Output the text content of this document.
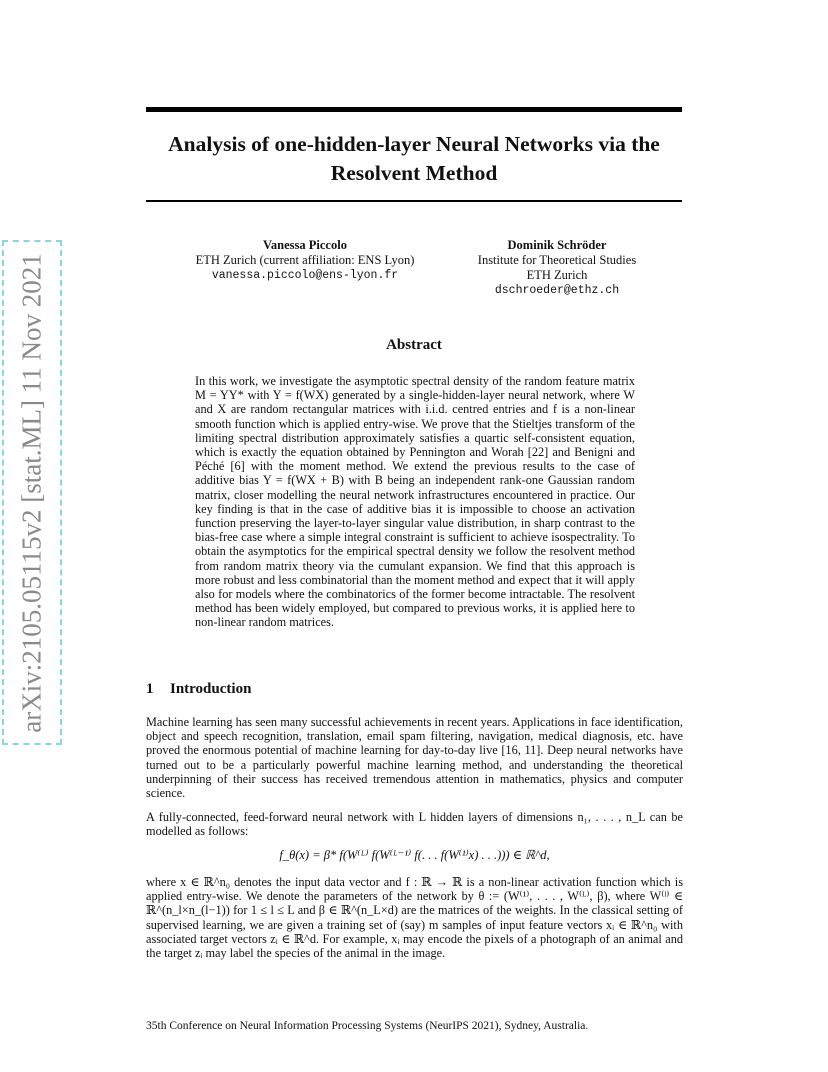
arXiv:2105.05115v2 [stat.ML] 11 Nov 2021
Analysis of one-hidden-layer Neural Networks via the Resolvent Method
Vanessa Piccolo
ETH Zurich (current affiliation: ENS Lyon)
vanessa.piccolo@ens-lyon.fr
Dominik Schröder
Institute for Theoretical Studies
ETH Zurich
dschroeder@ethz.ch
Abstract

In this work, we investigate the asymptotic spectral density of the random feature matrix M = YY* with Y = f(WX) generated by a single-hidden-layer neural network, where W and X are random rectangular matrices with i.i.d. centred entries and f is a non-linear smooth function which is applied entry-wise. We prove that the Stieltjes transform of the limiting spectral distribution approximately satisfies a quartic self-consistent equation, which is exactly the equation obtained by Pennington and Worah [22] and Benigni and Péché [6] with the moment method. We extend the previous results to the case of additive bias Y = f(WX + B) with B being an independent rank-one Gaussian random matrix, closer modelling the neural network infrastructures encountered in practice. Our key finding is that in the case of additive bias it is impossible to choose an activation function preserving the layer-to-layer singular value distribution, in sharp contrast to the bias-free case where a simple integral constraint is sufficient to achieve isospectrality. To obtain the asymptotics for the empirical spectral density we follow the resolvent method from random matrix theory via the cumulant expansion. We find that this approach is more robust and less combinatorial than the moment method and expect that it will apply also for models where the combinatorics of the former become intractable. The resolvent method has been widely employed, but compared to previous works, it is applied here to non-linear random matrices.

1 Introduction

Machine learning has seen many successful achievements in recent years. Applications in face identification, object and speech recognition, translation, email spam filtering, navigation, medical diagnosis, etc. have proved the enormous potential of machine learning for day-to-day live [16, 11]. Deep neural networks have turned out to be a particularly powerful machine learning method, and understanding the theoretical underpinning of their success has received tremendous attention in mathematics, physics and computer science.

A fully-connected, feed-forward neural network with L hidden layers of dimensions n₁, . . . , n_L can be modelled as follows:

f_θ(x) = β* f(W⁽ᴸ⁾ f(W⁽ᴸ⁻¹⁾ f(. . . f(W⁽¹⁾x) . . .))) ∈ ℝ^d,

where x ∈ ℝ^n₀ denotes the input data vector and f : ℝ → ℝ is a non-linear activation function which is applied entry-wise. We denote the parameters of the network by θ := (W⁽¹⁾, . . . , W⁽ᴸ⁾, β), where W⁽ˡ⁾ ∈ ℝ^(n_l×n_(l−1)) for 1 ≤ l ≤ L and β ∈ ℝ^(n_L×d) are the matrices of the weights. In the classical setting of supervised learning, we are given a training set of (say) m samples of input feature vectors xᵢ ∈ ℝ^n₀ with associated target vectors zᵢ ∈ ℝ^d. For example, xᵢ may encode the pixels of a photograph of an animal and the target zᵢ may label the species of the animal in the image.

35th Conference on Neural Information Processing Systems (NeurIPS 2021), Sydney, Australia.
